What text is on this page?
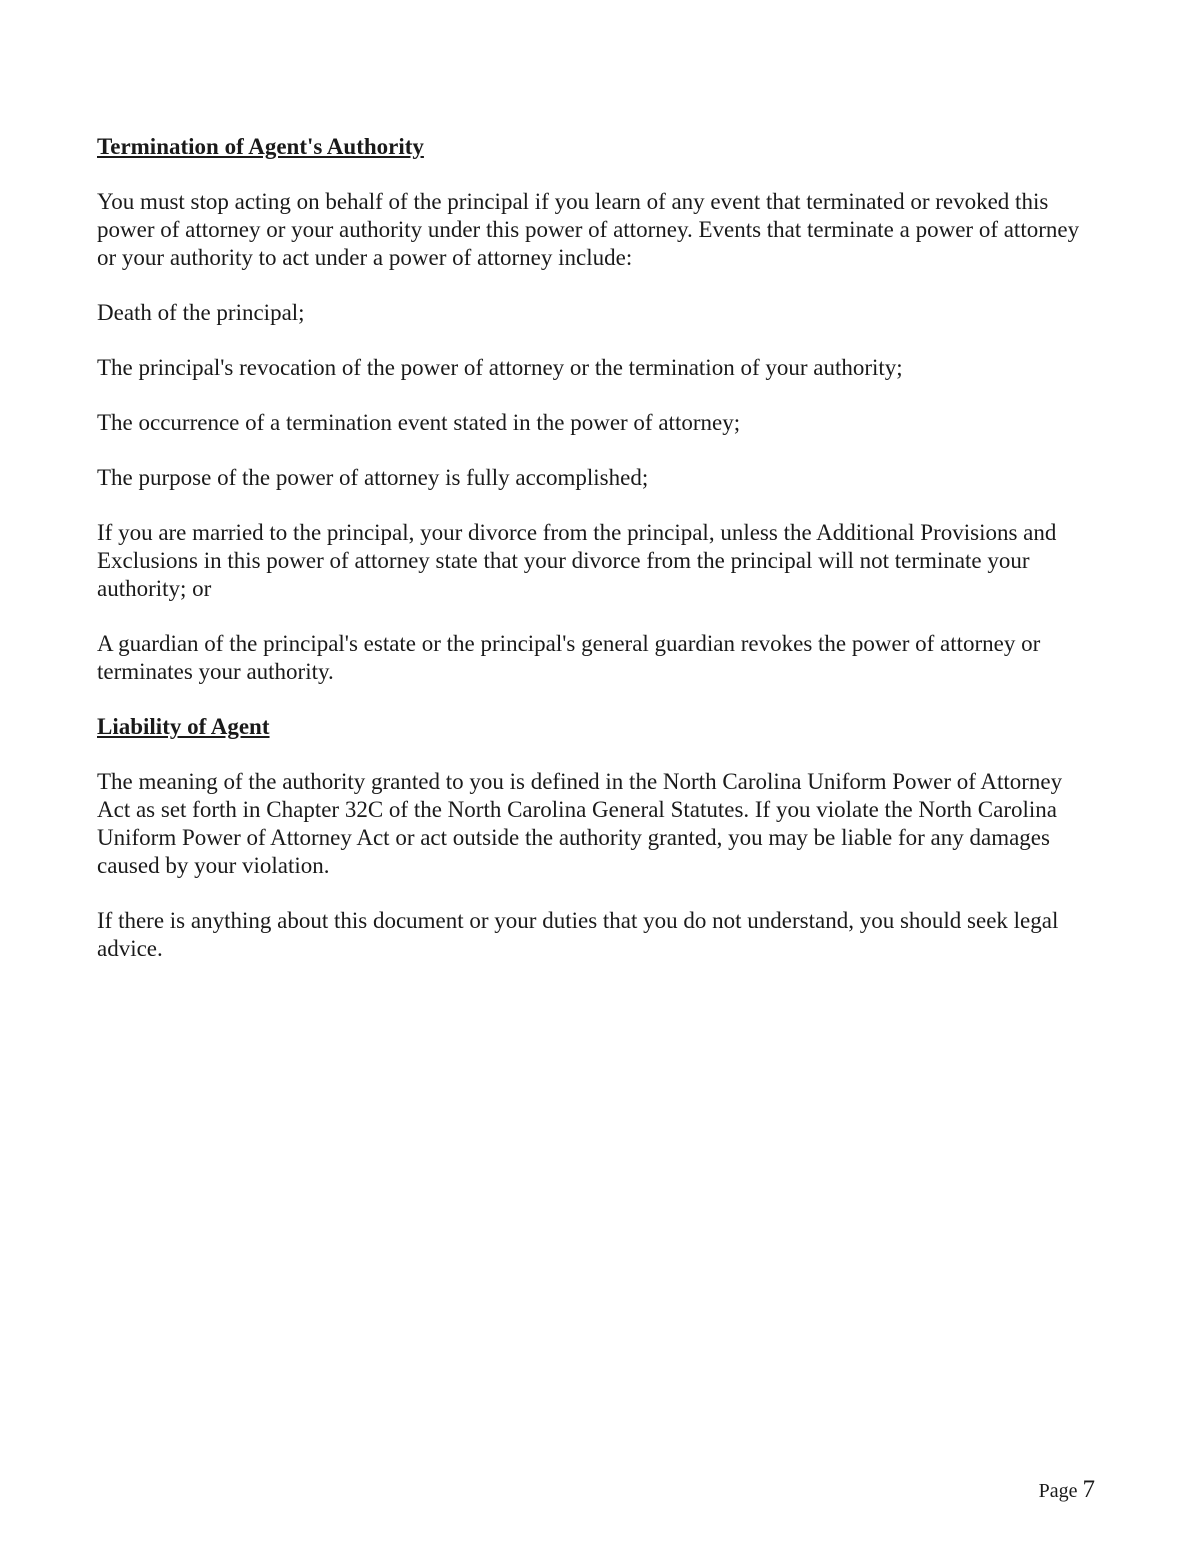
Termination of Agent's Authority

You must stop acting on behalf of the principal if you learn of any event that terminated or revoked this power of attorney or your authority under this power of attorney. Events that terminate a power of attorney or your authority to act under a power of attorney include:

Death of the principal;

The principal's revocation of the power of attorney or the termination of your authority;

The occurrence of a termination event stated in the power of attorney;

The purpose of the power of attorney is fully accomplished;

If you are married to the principal, your divorce from the principal, unless the Additional Provisions and Exclusions in this power of attorney state that your divorce from the principal will not terminate your authority; or

A guardian of the principal's estate or the principal's general guardian revokes the power of attorney or terminates your authority.

Liability of Agent

The meaning of the authority granted to you is defined in the North Carolina Uniform Power of Attorney Act as set forth in Chapter 32C of the North Carolina General Statutes. If you violate the North Carolina Uniform Power of Attorney Act or act outside the authority granted, you may be liable for any damages caused by your violation.

If there is anything about this document or your duties that you do not understand, you should seek legal advice.

Page 7
